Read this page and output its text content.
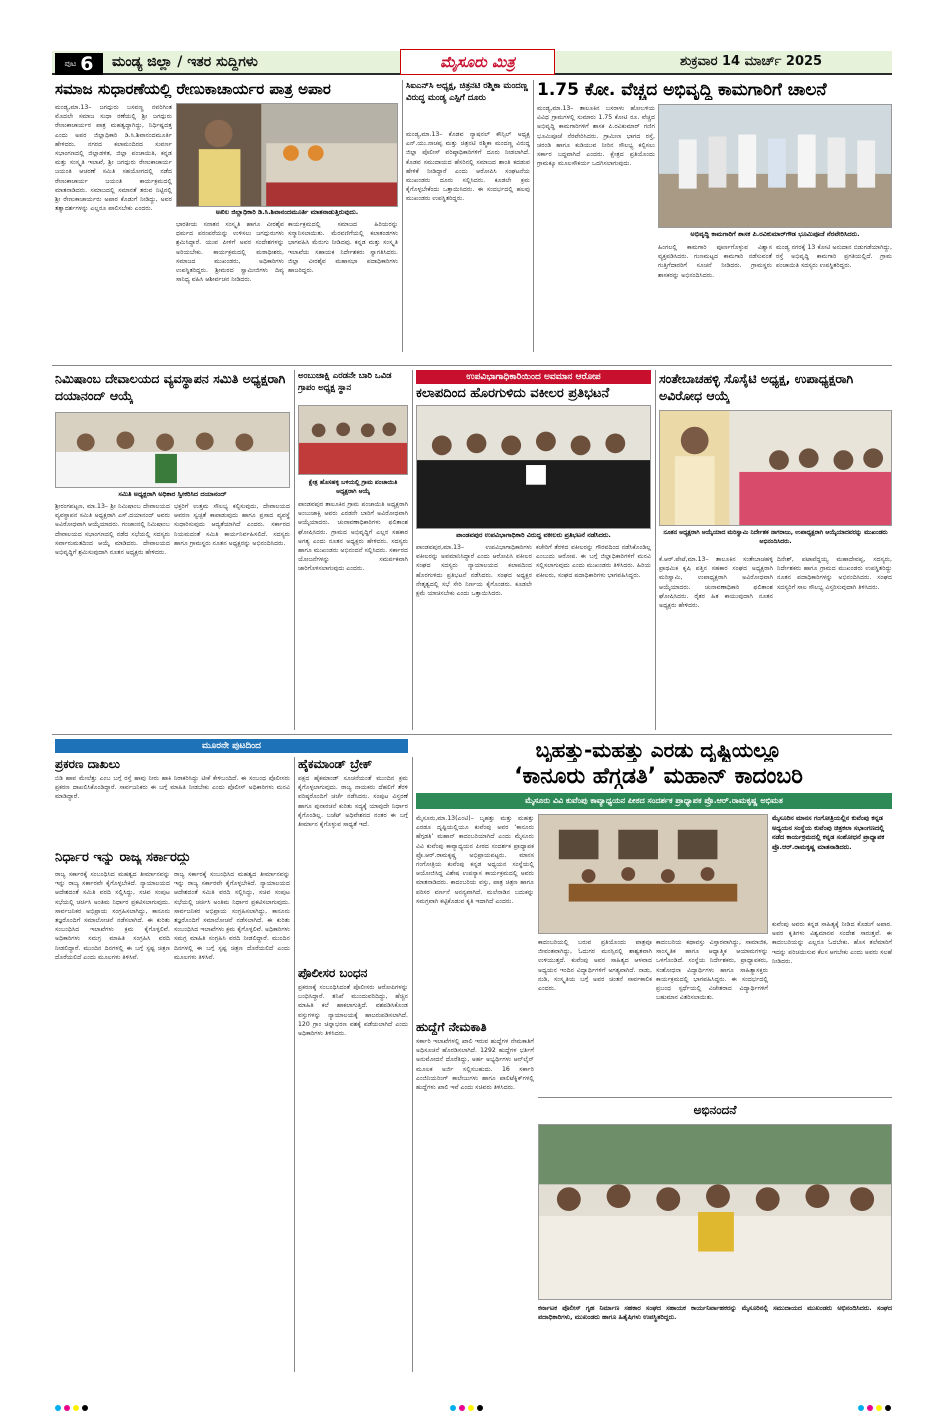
ಪುಟ 6 ಮಂಡ್ಯ ಜಿಲ್ಲಾ / ಇತರ ಸುದ್ದಿಗಳು	ಮೈಸೂರು ಮಿತ್ರ	ಶುಕ್ರವಾರ 14 ಮಾರ್ಚ್ 2025
ಸಮಾಜ ಸುಧಾರಣೆಯಲ್ಲಿ ರೇಣುಕಾಚಾರ್ಯರ ಪಾತ್ರ ಅಪಾರ
ಮಂಡ್ಯ,ಮಾ.13– ಜಗದ್ಗುರು ಬಸವಣ್ಣ ನವರಿಗಿಂತ ಮೊದಲೇ ಸಮಾಜ ಸುಧಾ ರಣೆಯಲ್ಲಿ ಶ್ರೀ ಜಗದ್ಗುರು ರೇಣುಕಾಚಾರ್ಯರ ಪಾತ್ರ ಮಹತ್ವದ್ದಾಗಿದ್ದು, ನಿರ್ಧಿಷ್ಟದತ್ತ ಎಂದು ಅಪರ ಜಿಲ್ಲಾಧಿಕಾರಿ ಡಿ.ಸಿ.ಶಿವಾನಂದಮೂರ್ತಿ ಹೇಳಿದರು. ನಗರದ ಕಲಾಮಂದಿರದ ಸುವರ್ಣ ಸಭಾಂಗಣದಲ್ಲಿ ಜಿಲ್ಲಾಡಳಿತ, ಜಿಲ್ಲಾ ಪಂಚಾಯಿತಿ, ಕನ್ನಡ ಮತ್ತು ಸಂಸ್ಕೃತಿ ಇಲಾಖೆ, ಶ್ರೀ ಜಗದ್ಗುರು ರೇಣುಕಾಚಾರ್ಯ ಜಯಂತಿ ಆಚರಣೆ ಸಮಿತಿ ಸಹಯೋಗದಲ್ಲಿ ನಡೆದ ರೇಣುಕಾಚಾರ್ಯ ಜಯಂತಿ ಕಾರ್ಯಕ್ರಮದಲ್ಲಿ ಮಾತನಾಡಿದರು. ಸಮಾಜದಲ್ಲಿ ಸಮಾನತೆ ತರುವ ನಿಟ್ಟಿನಲ್ಲಿ ಶ್ರೀ ರೇಣುಕಾಚಾರ್ಯರು ಅಪಾರ ಕೊಡುಗೆ ನೀಡಿದ್ದು, ಅವರ ತತ್ವಾದರ್ಶಗಳನ್ನು ಎಲ್ಲರೂ ಪಾಲಿಸಬೇಕು ಎಂದರು.	ಅಖಿಲ ಜಿಲ್ಲಾಧಿಕಾರಿ ಡಿ.ಸಿ.ಶಿವಾನಂದಮೂರ್ತಿ ಮಾತನಾಡುತ್ತಿರುವುದು.
ಭಾರತೀಯ ಸನಾತನ ಸಂಸ್ಕೃತಿ ಹಾಗೂ ವೀರಶೈವ ಧರ್ಮದ ಪರಂಪರೆಯನ್ನು ಉಳಿಸಲು ಜಗದ್ಗುರುಗಳು ಶ್ರಮಿಸಿದ್ದಾರೆ. ಯುವ ಪೀಳಿಗೆ ಅವರ ಸಂದೇಶಗಳನ್ನು ಅರಿಯಬೇಕು. ಕಾರ್ಯಕ್ರಮದಲ್ಲಿ ಮಠಾಧೀಶರು, ಸಮಾಜದ ಮುಖಂಡರು, ಅಧಿಕಾರಿಗಳು ಉಪಸ್ಥಿತರಿದ್ದರು. ಶ್ರೀಮಠದ ಸ್ವಾಮೀಜಿಗಳು ದಿವ್ಯ ಸಾನಿಧ್ಯ ವಹಿಸಿ ಆಶೀರ್ವಚನ ನೀಡಿದರು.
ಕಾರ್ಯಕ್ರಮದಲ್ಲಿ ಸಮಾಜದ ಹಿರಿಯರನ್ನು ಸನ್ಮಾನಿಸಲಾಯಿತು. ಮೆರವಣಿಗೆಯಲ್ಲಿ ಕಲಾತಂಡಗಳು ಭಾಗವಹಿಸಿ ಮೆರುಗು ನೀಡಿದವು. ಕನ್ನಡ ಮತ್ತು ಸಂಸ್ಕೃತಿ ಇಲಾಖೆಯ ಸಹಾಯಕ ನಿರ್ದೇಶಕರು ಸ್ವಾಗತಿಸಿದರು. ಜಿಲ್ಲಾ ವೀರಶೈವ ಮಹಾಸಭಾ ಪದಾಧಿಕಾರಿಗಳು ಹಾಜರಿದ್ದರು.
ಸಿಐಎನ್‌ಸಿ ಅಧ್ಯಕ್ಷ, ಚಿತ್ರನಟಿ ರಶ್ಮಿಕಾ ಮಂದಣ್ಣ ವಿರುದ್ಧ ಮಂಡ್ಯ ಎಸ್ಪಿಗೆ ದೂರು
ಮಂಡ್ಯ,ಮಾ.13– ಕೊಡವ ನ್ಯಾಷನಲ್ ಕೌನ್ಸಿಲ್ ಅಧ್ಯಕ್ಷ ಎನ್.ಯು.ನಾಚಪ್ಪ ಮತ್ತು ಚಿತ್ರನಟಿ ರಶ್ಮಿಕಾ ಮಂದಣ್ಣ ವಿರುದ್ಧ ಜಿಲ್ಲಾ ಪೊಲೀಸ್ ವರಿಷ್ಠಾಧಿಕಾರಿಗಳಿಗೆ ದೂರು ನೀಡಲಾಗಿದೆ. ಕೊಡವ ಸಮುದಾಯದ ಹೆಸರಿನಲ್ಲಿ ಸಮಾಜದ ಶಾಂತಿ ಕದಡುವ ಹೇಳಿಕೆ ನೀಡಿದ್ದಾರೆ ಎಂದು ಆರೋಪಿಸಿ ಸಂಘಟನೆಯ ಮುಖಂಡರು ದೂರು ಸಲ್ಲಿಸಿದರು. ಕೂಡಲೇ ಕ್ರಮ ಕೈಗೊಳ್ಳಬೇಕೆಂದು ಒತ್ತಾಯಿಸಿದರು. ಈ ಸಂದರ್ಭದಲ್ಲಿ ಹಲವು ಮುಖಂಡರು ಉಪಸ್ಥಿತರಿದ್ದರು.
1.75 ಕೋ. ವೆಚ್ಚದ ಅಭಿವೃದ್ಧಿ ಕಾಮಗಾರಿಗೆ ಚಾಲನೆ
ಮಂಡ್ಯ,ಮಾ.13– ತಾಲೂಕಿನ ಬಸರಾಳು ಹೋಬಳಿಯ ವಿವಿಧ ಗ್ರಾಮಗಳಲ್ಲಿ ಸುಮಾರು 1.75 ಕೋಟಿ ರೂ. ವೆಚ್ಚದ ಅಭಿವೃದ್ಧಿ ಕಾಮಗಾರಿಗಳಿಗೆ ಶಾಸಕ ಪಿ.ರವಿಕುಮಾರ್ ಗಣಿಗ ಭೂಮಿಪೂಜೆ ನೆರವೇರಿಸಿದರು. ಗ್ರಾಮೀಣ ಭಾಗದ ರಸ್ತೆ, ಚರಂಡಿ ಹಾಗೂ ಕುಡಿಯುವ ನೀರಿನ ಸೌಲಭ್ಯ ಕಲ್ಪಿಸಲು ಸರ್ಕಾರ ಬದ್ಧವಾಗಿದೆ ಎಂದರು. ಕ್ಷೇತ್ರದ ಪ್ರತಿಯೊಂದು ಗ್ರಾಮಕ್ಕೂ ಮೂಲಸೌಕರ್ಯ ಒದಗಿಸಲಾಗುವುದು.
ಅಭಿವೃದ್ಧಿ ಕಾಮಗಾರಿಗೆ ಶಾಸಕ ಪಿ.ರವಿಕುಮಾರ್‌ಗೌಡ ಭೂಮಿಪೂಜೆ ನೆರವೇರಿಸಿದರು.
ಹಿಂಗಲಲ್ಲಿ ಕಾಮಗಾರಿ ಪೂರ್ಣಗೊಳ್ಳುವ ವಿಶ್ವಾಸ ವ್ಯಕ್ತಪಡಿಸಿದರು. ಗುಣಮಟ್ಟದ ಕಾಮಗಾರಿ ನಡೆಸುವಂತೆ ಗುತ್ತಿಗೆದಾರರಿಗೆ ಸೂಚನೆ ನೀಡಿದರು. ಗ್ರಾಮಸ್ಥರು ಶಾಸಕರನ್ನು ಅಭಿನಂದಿಸಿದರು.
ಮಂಡ್ಯ ನಗರಕ್ಕೆ 13 ಕೋಟಿ ಅನುದಾನ ಬಿಡುಗಡೆಯಾಗಿದ್ದು, ರಸ್ತೆ ಅಭಿವೃದ್ಧಿ ಕಾಮಗಾರಿ ಪ್ರಗತಿಯಲ್ಲಿದೆ. ಗ್ರಾಮ ಪಂಚಾಯಿತಿ ಸದಸ್ಯರು ಉಪಸ್ಥಿತರಿದ್ದರು.
ನಿಮಿಷಾಂಬ ದೇವಾಲಯದ ವ್ಯವಸ್ಥಾಪನ ಸಮಿತಿ ಅಧ್ಯಕ್ಷರಾಗಿ ದಯಾನಂದ್ ಆಯ್ಕೆ
ಸಮಿತಿ ಅಧ್ಯಕ್ಷರಾಗಿ ಅಧಿಕಾರ ಸ್ವೀಕರಿಸಿದ ದಯಾನಂದ್
ಶ್ರೀರಂಗಪಟ್ಟಣ, ಮಾ.13– ಶ್ರೀ ನಿಮಿಷಾಂಬ ದೇವಾಲಯದ ವ್ಯವಸ್ಥಾಪನ ಸಮಿತಿ ಅಧ್ಯಕ್ಷರಾಗಿ ಎಸ್.ದಯಾನಂದ್ ಅವರು ಅವಿರೋಧವಾಗಿ ಆಯ್ಕೆಯಾದರು. ಗಂಜಾಂನಲ್ಲಿ ನಿಮಿಷಾಂಬ ದೇವಾಲಯದ ಸಭಾಂಗಣದಲ್ಲಿ ನಡೆದ ಸಭೆಯಲ್ಲಿ ಸದಸ್ಯರು ಸರ್ವಾನುಮತದಿಂದ ಆಯ್ಕೆ ಮಾಡಿದರು. ದೇವಾಲಯದ ಅಭಿವೃದ್ಧಿಗೆ ಶ್ರಮಿಸುವುದಾಗಿ ನೂತನ ಅಧ್ಯಕ್ಷರು ಹೇಳಿದರು.
ಭಕ್ತರಿಗೆ ಉತ್ತಮ ಸೌಲಭ್ಯ ಕಲ್ಪಿಸುವುದು, ದೇವಾಲಯದ ಆವರಣ ಸ್ವಚ್ಛತೆ ಕಾಪಾಡುವುದು ಹಾಗೂ ಪ್ರಸಾದ ವ್ಯವಸ್ಥೆ ಸುಧಾರಿಸುವುದು ಆದ್ಯತೆಯಾಗಿದೆ ಎಂದರು. ಸರ್ಕಾರದ ನಿಯಮದಂತೆ ಸಮಿತಿ ಕಾರ್ಯನಿರ್ವಹಿಸಲಿದೆ. ಸದಸ್ಯರು ಹಾಗೂ ಗ್ರಾಮಸ್ಥರು ನೂತನ ಅಧ್ಯಕ್ಷರನ್ನು ಅಭಿನಂದಿಸಿದರು.
ಅಂಬುಜಾಕ್ಷಿ ಎರಡನೇ ಬಾರಿ ಒವಿಡ ಗ್ರಾಪಂ ಅಧ್ಯಕ್ಷ ಸ್ಥಾನ
ಕ್ಷೇತ್ರ ಹೊಸಹಳ್ಳಿ ಬಳಿಯಲ್ಲಿ ಗ್ರಾಮ ಪಂಚಾಯಿತಿ ಅಧ್ಯಕ್ಷರಾಗಿ ಆಯ್ಕೆ
ಪಾಂಡವಪುರ ತಾಲೂಕಿನ ಗ್ರಾಮ ಪಂಚಾಯಿತಿ ಅಧ್ಯಕ್ಷರಾಗಿ ಅಂಬುಜಾಕ್ಷಿ ಅವರು ಎರಡನೇ ಬಾರಿಗೆ ಅವಿರೋಧವಾಗಿ ಆಯ್ಕೆಯಾದರು. ಚುನಾವಣಾಧಿಕಾರಿಗಳು ಫಲಿತಾಂಶ ಘೋಷಿಸಿದರು. ಗ್ರಾಮದ ಅಭಿವೃದ್ಧಿಗೆ ಎಲ್ಲರ ಸಹಕಾರ ಅಗತ್ಯ ಎಂದು ನೂತನ ಅಧ್ಯಕ್ಷರು ಹೇಳಿದರು. ಸದಸ್ಯರು ಹಾಗೂ ಮುಖಂಡರು ಅಭಿನಂದನೆ ಸಲ್ಲಿಸಿದರು. ಸರ್ಕಾರದ ಯೋಜನೆಗಳನ್ನು ಸಮರ್ಪಕವಾಗಿ ಜಾರಿಗೊಳಿಸಲಾಗುವುದು ಎಂದರು.
ಉಪವಿಭಾಗಾಧಿಕಾರಿಯಿಂದ ಅವಮಾನ ಆರೋಪ
ಕಲಾಪದಿಂದ ಹೊರಗುಳಿದು ವಕೀಲರ ಪ್ರತಿಭಟನೆ
ಪಾಂಡವಪುರ ಉಪವಿಭಾಗಾಧಿಕಾರಿ ವಿರುದ್ಧ ವಕೀಲರು ಪ್ರತಿಭಟನೆ ನಡೆಸಿದರು.
ಪಾಂಡವಪುರ,ಮಾ.13– ಉಪವಿಭಾಗಾಧಿಕಾರಿಗಳು ವಕೀಲರನ್ನು ಅವಮಾನಿಸಿದ್ದಾರೆ ಎಂದು ಆರೋಪಿಸಿ ವಕೀಲರ ಸಂಘದ ಸದಸ್ಯರು ನ್ಯಾಯಾಲಯದ ಕಲಾಪದಿಂದ ಹೊರಗುಳಿದು ಪ್ರತಿಭಟನೆ ನಡೆಸಿದರು. ಸಂಘದ ಅಧ್ಯಕ್ಷರ ನೇತೃತ್ವದಲ್ಲಿ ಸಭೆ ಸೇರಿ ನಿರ್ಣಯ ಕೈಗೊಂಡರು. ಕೂಡಲೇ ಕ್ಷಮೆ ಯಾಚಿಸಬೇಕು ಎಂದು ಒತ್ತಾಯಿಸಿದರು.
ಕಚೇರಿಗೆ ತೆರಳಿದ ವಕೀಲರನ್ನು ಗೌರವದಿಂದ ನಡೆಸಿಕೊಂಡಿಲ್ಲ ಎಂಬುದು ಆರೋಪ. ಈ ಬಗ್ಗೆ ಜಿಲ್ಲಾಧಿಕಾರಿಗಳಿಗೆ ಮನವಿ ಸಲ್ಲಿಸಲಾಗುವುದು ಎಂದು ಮುಖಂಡರು ತಿಳಿಸಿದರು. ಹಿರಿಯ ವಕೀಲರು, ಸಂಘದ ಪದಾಧಿಕಾರಿಗಳು ಭಾಗವಹಿಸಿದ್ದರು.
ಸಂತೇಬಾಚಹಳ್ಳಿ ಸೊಸೈಟಿ ಅಧ್ಯಕ್ಷ, ಉಪಾಧ್ಯಕ್ಷರಾಗಿ ಅವಿರೋಧ ಆಯ್ಕೆ
ನೂತನ ಅಧ್ಯಕ್ಷರಾಗಿ ಆಯ್ಕೆಯಾದ ಮರಿಸ್ವಾಮಿ ನಿರ್ದೇಶಕ ನಾಗರಾಜು, ಉಪಾಧ್ಯಕ್ಷರಾಗಿ ಆಯ್ಕೆಯಾದವರನ್ನು ಮುಖಂಡರು ಅಭಿನಂದಿಸಿದರು.
ಕೆ.ಆರ್.ಪೇಟೆ,ಮಾ.13– ತಾಲೂಕಿನ ಸಂತೇಬಾಚಹಳ್ಳಿ ಪ್ರಾಥಮಿಕ ಕೃಷಿ ಪತ್ತಿನ ಸಹಕಾರ ಸಂಘದ ಅಧ್ಯಕ್ಷರಾಗಿ ಮರಿಸ್ವಾಮಿ, ಉಪಾಧ್ಯಕ್ಷರಾಗಿ ಅವಿರೋಧವಾಗಿ ಆಯ್ಕೆಯಾದರು. ಚುನಾವಣಾಧಿಕಾರಿ ಫಲಿತಾಂಶ ಘೋಷಿಸಿದರು. ರೈತರ ಹಿತ ಕಾಯುವುದಾಗಿ ನೂತನ ಅಧ್ಯಕ್ಷರು ಹೇಳಿದರು.
ದಿನೇಶ್, ಪಟಾಪೆದ್ದಯ್ಯ ಮಹಾದೇವಪ್ಪ, ಸದಸ್ಯರು, ನಿರ್ದೇಶಕರು ಹಾಗೂ ಗ್ರಾಮದ ಮುಖಂಡರು ಉಪಸ್ಥಿತರಿದ್ದು ನೂತನ ಪದಾಧಿಕಾರಿಗಳನ್ನು ಅಭಿನಂದಿಸಿದರು. ಸಂಘದ ಸದಸ್ಯರಿಗೆ ಸಾಲ ಸೌಲಭ್ಯ ವಿಸ್ತರಿಸುವುದಾಗಿ ತಿಳಿಸಿದರು.
ಮೂರನೇ ಪುಟದಿಂದ
ಪ್ರಕರಣ ದಾಖಲು
ಬಿಡಿ ಹಾವ ಮೇಲೆತ್ತು ಎಂಬ ಬಗ್ಗೆ ರಸ್ತೆ ಹಾವು ನೀರು ಹಾಕಿ ನಿರಾಕರಿಸಿದ್ದು ಟೀಕೆ ಕೇಳಿಬಂದಿದೆ. ಈ ಸಂಬಂಧ ಪೊಲೀಸರು ಪ್ರಕರಣ ದಾಖಲಿಸಿಕೊಂಡಿದ್ದಾರೆ. ಸಾರ್ವಜನಿಕರು ಈ ಬಗ್ಗೆ ಮಾಹಿತಿ ನೀಡಬೇಕು ಎಂದು ಪೊಲೀಸ್ ಅಧಿಕಾರಿಗಳು ಮನವಿ ಮಾಡಿದ್ದಾರೆ.
ನಿರ್ಧಾರ ಇನ್ನು ರಾಜ್ಯ ಸರ್ಕಾರದ್ದು
ರಾಜ್ಯ ಸರ್ಕಾರಕ್ಕೆ ಸಂಬಂಧಿಸಿದ ಮಹತ್ವದ ತೀರ್ಮಾನವನ್ನು ಇನ್ನು ರಾಜ್ಯ ಸರ್ಕಾರವೇ ಕೈಗೊಳ್ಳಬೇಕಿದೆ. ನ್ಯಾಯಾಲಯದ ಆದೇಶದಂತೆ ಸಮಿತಿ ವರದಿ ಸಲ್ಲಿಸಿದ್ದು, ಸಚಿವ ಸಂಪುಟ ಸಭೆಯಲ್ಲಿ ಚರ್ಚಿಸಿ ಅಂತಿಮ ನಿರ್ಧಾರ ಪ್ರಕಟಿಸಲಾಗುವುದು. ಸಾರ್ವಜನಿಕರ ಅಭಿಪ್ರಾಯ ಸಂಗ್ರಹಿಸಲಾಗಿದ್ದು, ಕಾನೂನು ತಜ್ಞರೊಂದಿಗೆ ಸಮಾಲೋಚನೆ ನಡೆಸಲಾಗಿದೆ. ಈ ಕುರಿತು ಸಂಬಂಧಿಸಿದ ಇಲಾಖೆಗಳು ಕ್ರಮ ಕೈಗೊಳ್ಳಲಿವೆ. ಅಧಿಕಾರಿಗಳು ಸಮಗ್ರ ಮಾಹಿತಿ ಸಂಗ್ರಹಿಸಿ ವರದಿ ನೀಡಲಿದ್ದಾರೆ. ಮುಂದಿನ ದಿನಗಳಲ್ಲಿ ಈ ಬಗ್ಗೆ ಸ್ಪಷ್ಟ ಚಿತ್ರಣ ದೊರೆಯಲಿದೆ ಎಂದು ಮೂಲಗಳು ತಿಳಿಸಿವೆ.
ರಾಜ್ಯ ಸರ್ಕಾರಕ್ಕೆ ಸಂಬಂಧಿಸಿದ ಮಹತ್ವದ ತೀರ್ಮಾನವನ್ನು ಇನ್ನು ರಾಜ್ಯ ಸರ್ಕಾರವೇ ಕೈಗೊಳ್ಳಬೇಕಿದೆ. ನ್ಯಾಯಾಲಯದ ಆದೇಶದಂತೆ ಸಮಿತಿ ವರದಿ ಸಲ್ಲಿಸಿದ್ದು, ಸಚಿವ ಸಂಪುಟ ಸಭೆಯಲ್ಲಿ ಚರ್ಚಿಸಿ ಅಂತಿಮ ನಿರ್ಧಾರ ಪ್ರಕಟಿಸಲಾಗುವುದು. ಸಾರ್ವಜನಿಕರ ಅಭಿಪ್ರಾಯ ಸಂಗ್ರಹಿಸಲಾಗಿದ್ದು, ಕಾನೂನು ತಜ್ಞರೊಂದಿಗೆ ಸಮಾಲೋಚನೆ ನಡೆಸಲಾಗಿದೆ. ಈ ಕುರಿತು ಸಂಬಂಧಿಸಿದ ಇಲಾಖೆಗಳು ಕ್ರಮ ಕೈಗೊಳ್ಳಲಿವೆ. ಅಧಿಕಾರಿಗಳು ಸಮಗ್ರ ಮಾಹಿತಿ ಸಂಗ್ರಹಿಸಿ ವರದಿ ನೀಡಲಿದ್ದಾರೆ. ಮುಂದಿನ ದಿನಗಳಲ್ಲಿ ಈ ಬಗ್ಗೆ ಸ್ಪಷ್ಟ ಚಿತ್ರಣ ದೊರೆಯಲಿದೆ ಎಂದು ಮೂಲಗಳು ತಿಳಿಸಿವೆ.
ಹೈಕಮಾಂಡ್ ಬ್ರೇಕ್
ಪಕ್ಷದ ಹೈಕಮಾಂಡ್ ಸೂಚನೆಯಂತೆ ಮುಂದಿನ ಕ್ರಮ ಕೈಗೊಳ್ಳಲಾಗುವುದು. ರಾಜ್ಯ ನಾಯಕರು ದೆಹಲಿಗೆ ತೆರಳಿ ವರಿಷ್ಠರೊಂದಿಗೆ ಚರ್ಚೆ ನಡೆಸಿದರು. ಸಂಪುಟ ವಿಸ್ತರಣೆ ಹಾಗೂ ಪುನಾರಚನೆ ಕುರಿತು ಸದ್ಯಕ್ಕೆ ಯಾವುದೇ ನಿರ್ಧಾರ ಕೈಗೊಂಡಿಲ್ಲ. ಬಜೆಟ್ ಅಧಿವೇಶನದ ನಂತರ ಈ ಬಗ್ಗೆ ತೀರ್ಮಾನ ಕೈಗೊಳ್ಳುವ ಸಾಧ್ಯತೆ ಇದೆ.
ಪೊಲೀಸರ ಬಂಧನ
ಪ್ರಕರಣಕ್ಕೆ ಸಂಬಂಧಿಸಿದಂತೆ ಪೊಲೀಸರು ಆರೋಪಿಗಳನ್ನು ಬಂಧಿಸಿದ್ದಾರೆ. ತನಿಖೆ ಮುಂದುವರಿದಿದ್ದು, ಹೆಚ್ಚಿನ ಮಾಹಿತಿ ಕಲೆ ಹಾಕಲಾಗುತ್ತಿದೆ. ವಶಪಡಿಸಿಕೊಂಡ ವಸ್ತುಗಳನ್ನು ನ್ಯಾಯಾಲಯಕ್ಕೆ ಹಾಜರುಪಡಿಸಲಾಗಿದೆ. 120 ಗ್ರಾಂ ಚಿನ್ನಾಭರಣ ವಶಕ್ಕೆ ಪಡೆಯಲಾಗಿದೆ ಎಂದು ಅಧಿಕಾರಿಗಳು ತಿಳಿಸಿದರು.	ಹುದ್ದೆಗೆ ನೇಮಕಾತಿ
ಸರ್ಕಾರಿ ಇಲಾಖೆಗಳಲ್ಲಿ ಖಾಲಿ ಇರುವ ಹುದ್ದೆಗಳ ನೇಮಕಾತಿಗೆ ಅಧಿಸೂಚನೆ ಹೊರಡಿಸಲಾಗಿದೆ. 1292 ಹುದ್ದೆಗಳ ಭರ್ತಿಗೆ ಅನುಮೋದನೆ ದೊರೆತಿದ್ದು, ಅರ್ಹ ಅಭ್ಯರ್ಥಿಗಳು ಆನ್‌ಲೈನ್ ಮೂಲಕ ಅರ್ಜಿ ಸಲ್ಲಿಸಬಹುದು. 16 ಸರ್ಕಾರಿ ಎಂಜಿನಿಯರಿಂಗ್ ಕಾಲೇಜುಗಳು ಹಾಗೂ ಪಾಲಿಟೆಕ್ನಿಕ್‌ಗಳಲ್ಲಿ ಹುದ್ದೆಗಳು ಖಾಲಿ ಇವೆ ಎಂದು ಸಚಿವರು ತಿಳಿಸಿದರು.
ಬೃಹತ್ತು-ಮಹತ್ತು ಎರಡು ದೃಷ್ಟಿಯಲ್ಲೂ
‘ಕಾನೂರು ಹೆಗ್ಗಡತಿ’ ಮಹಾನ್ ಕಾದಂಬರಿ
ಮೈಸೂರು ವಿವಿ ಕುವೆಂಪು ಕಾವ್ಯಾಧ್ಯಯನ ಪೀಠದ ಸಂದರ್ಶಕ ಪ್ರಾಧ್ಯಾಪಕ ಪ್ರೊ.ಆರ್.ರಾಮಕೃಷ್ಣ ಅಭಿಮತ
ಮೈಸೂರು,ಮಾ.13(ಎಂಟಿ)– ಬೃಹತ್ತು ಮತ್ತು ಮಹತ್ತು ಎರಡೂ ದೃಷ್ಟಿಯಲ್ಲಿಯೂ ಕುವೆಂಪು ಅವರ ‘ಕಾನೂರು ಹೆಗ್ಗಡತಿ’ ಮಹಾನ್ ಕಾದಂಬರಿಯಾಗಿದೆ ಎಂದು ಮೈಸೂರು ವಿವಿ ಕುವೆಂಪು ಕಾವ್ಯಾಧ್ಯಯನ ಪೀಠದ ಸಂದರ್ಶಕ ಪ್ರಾಧ್ಯಾಪಕ ಪ್ರೊ.ಆರ್.ರಾಮಕೃಷ್ಣ ಅಭಿಪ್ರಾಯಪಟ್ಟರು. ಮಾನಸ ಗಂಗೋತ್ರಿಯ ಕುವೆಂಪು ಕನ್ನಡ ಅಧ್ಯಯನ ಸಂಸ್ಥೆಯಲ್ಲಿ ಆಯೋಜಿಸಿದ್ದ ವಿಶೇಷ ಉಪನ್ಯಾಸ ಕಾರ್ಯಕ್ರಮದಲ್ಲಿ ಅವರು ಮಾತನಾಡಿದರು. ಕಾದಂಬರಿಯ ವಸ್ತು, ಪಾತ್ರ ಚಿತ್ರಣ ಹಾಗೂ ಪರಿಸರ ವರ್ಣನೆ ಅನನ್ಯವಾಗಿದೆ. ಮಲೆನಾಡಿನ ಬದುಕನ್ನು ಸಮಗ್ರವಾಗಿ ಕಟ್ಟಿಕೊಡುವ ಕೃತಿ ಇದಾಗಿದೆ ಎಂದರು.
ಮೈಸೂರಿನ ಮಾನಸ ಗಂಗೋತ್ರಿಯಲ್ಲಿನ ಕುವೆಂಪು ಕನ್ನಡ ಅಧ್ಯಯನ ಸಂಸ್ಥೆಯ ಕುವೆಂಪು ಚಿತ್ರಕಲಾ ಸಭಾಂಗಣದಲ್ಲಿ ನಡೆದ ಕಾರ್ಯಕ್ರಮದಲ್ಲಿ ಕನ್ನಡ ಸಂಶೋಧನೆ ಪ್ರಾಧ್ಯಾಪಕ ಪ್ರೊ.ಆರ್.ರಾಮಕೃಷ್ಣ ಮಾತನಾಡಿದರು.
ಕಾದಂಬರಿಯಲ್ಲಿ ಬರುವ ಪ್ರತಿಯೊಂದು ಪಾತ್ರವೂ ಜೀವಂತವಾಗಿದ್ದು, ಓದುಗರ ಮನಸ್ಸಿನಲ್ಲಿ ಶಾಶ್ವತವಾಗಿ ಉಳಿಯುತ್ತದೆ. ಕುವೆಂಪು ಅವರ ಸಾಹಿತ್ಯದ ಆಳವಾದ ಅಧ್ಯಯನ ಇಂದಿನ ವಿದ್ಯಾರ್ಥಿಗಳಿಗೆ ಅಗತ್ಯವಾಗಿದೆ. ನಾಡು, ನುಡಿ, ಸಂಸ್ಕೃತಿಯ ಬಗ್ಗೆ ಅವರ ಚಿಂತನೆ ಸಾರ್ವಕಾಲಿಕ ಎಂದರು.
ಕಾದಂಬರಿಯ ಕಥಾವಸ್ತು ವಿಸ್ತಾರವಾಗಿದ್ದು, ಸಾಮಾಜಿಕ, ಸಾಂಸ್ಕೃತಿಕ ಹಾಗೂ ಆಧ್ಯಾತ್ಮಿಕ ಆಯಾಮಗಳನ್ನು ಒಳಗೊಂಡಿದೆ. ಸಂಸ್ಥೆಯ ನಿರ್ದೇಶಕರು, ಪ್ರಾಧ್ಯಾಪಕರು, ಸಂಶೋಧನಾ ವಿದ್ಯಾರ್ಥಿಗಳು ಹಾಗೂ ಸಾಹಿತ್ಯಾಸಕ್ತರು ಕಾರ್ಯಕ್ರಮದಲ್ಲಿ ಭಾಗವಹಿಸಿದ್ದರು. ಈ ಸಂದರ್ಭದಲ್ಲಿ ಪ್ರಬಂಧ ಸ್ಪರ್ಧೆಯಲ್ಲಿ ವಿಜೇತರಾದ ವಿದ್ಯಾರ್ಥಿಗಳಿಗೆ ಬಹುಮಾನ ವಿತರಿಸಲಾಯಿತು.
ಕುವೆಂಪು ಅವರು ಕನ್ನಡ ಸಾಹಿತ್ಯಕ್ಕೆ ನೀಡಿದ ಕೊಡುಗೆ ಅಪಾರ. ಅವರ ಕೃತಿಗಳು ವಿಶ್ವಮಾನವ ಸಂದೇಶ ಸಾರುತ್ತವೆ. ಈ ಕಾದಂಬರಿಯನ್ನು ಎಲ್ಲರೂ ಓದಬೇಕು. ಹೊಸ ತಲೆಮಾರಿಗೆ ಇದನ್ನು ಪರಿಚಯಿಸುವ ಕೆಲಸ ಆಗಬೇಕು ಎಂದು ಅವರು ಸಲಹೆ ನೀಡಿದರು.
ಅಭಿನಂದನೆ
ಕರ್ನಾಟಕ ಪೊಲೀಸ್ ಗೃಹ ನಿರ್ಮಾಣ ಸಹಕಾರ ಸಂಘದ ಸಹಾಯಕ ಕಾರ್ಯನಿರ್ವಾಹಕರನ್ನು ಮೈಸೂರಿನಲ್ಲಿ ಸಮುದಾಯದ ಮುಖಂಡರು ಅಭಿನಂದಿಸಿದರು. ಸಂಘದ ಪದಾಧಿಕಾರಿಗಳು, ಮುಖಂಡರು ಹಾಗೂ ಹಿತೈಷಿಗಳು ಉಪಸ್ಥಿತರಿದ್ದರು.
